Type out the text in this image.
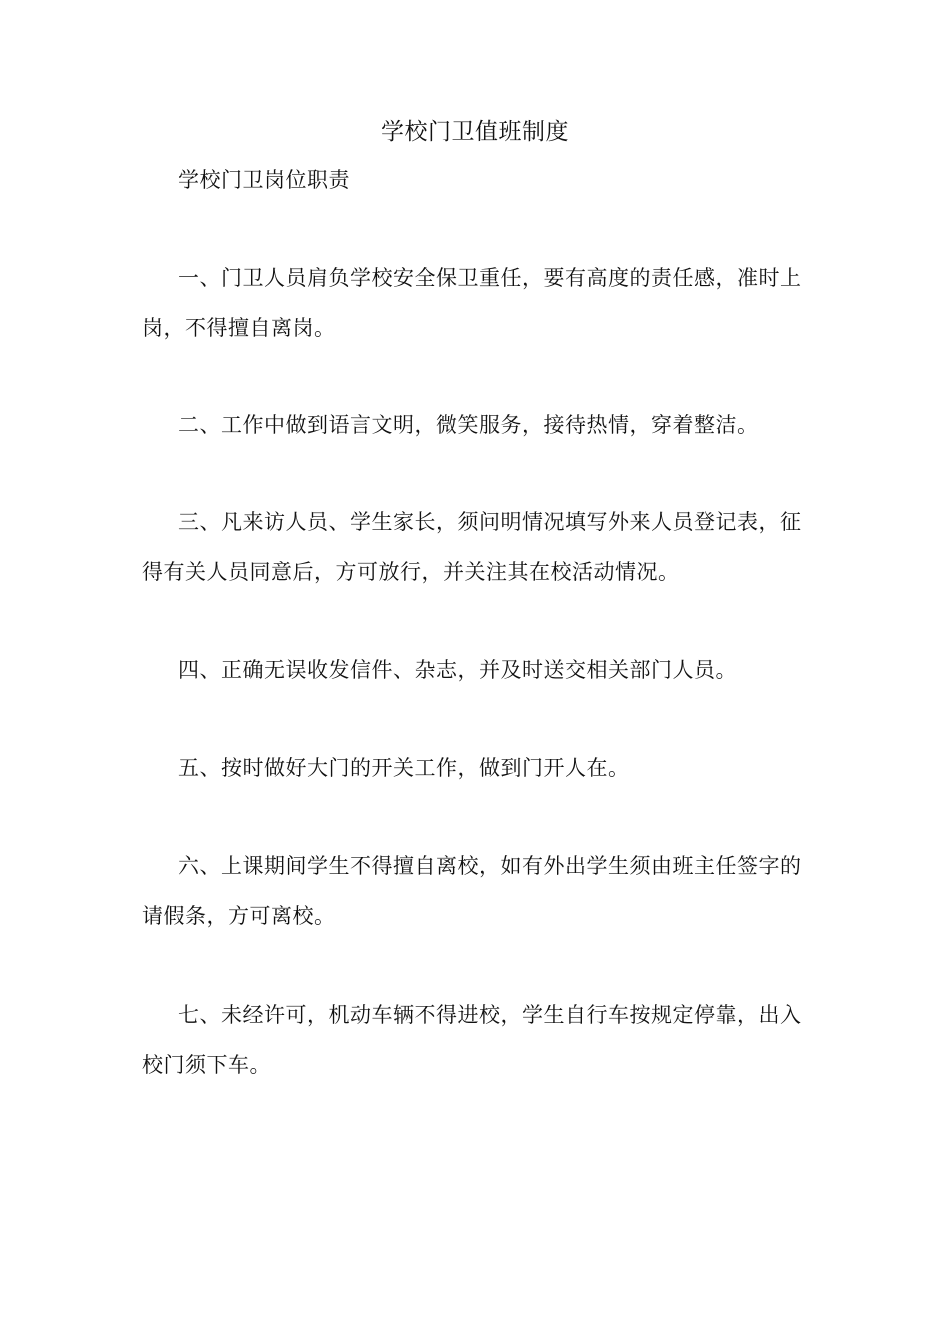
学校门卫值班制度
学校门卫岗位职责

一、门卫人员肩负学校安全保卫重任，要有高度的责任感，准时上岗，不得擅自离岗。

二、工作中做到语言文明，微笑服务，接待热情，穿着整洁。

三、凡来访人员、学生家长，须问明情况填写外来人员登记表，征得有关人员同意后，方可放行，并关注其在校活动情况。

四、正确无误收发信件、杂志，并及时送交相关部门人员。

五、按时做好大门的开关工作，做到门开人在。

六、上课期间学生不得擅自离校，如有外出学生须由班主任签字的请假条，方可离校。

七、未经许可，机动车辆不得进校，学生自行车按规定停靠，出入校门须下车。
